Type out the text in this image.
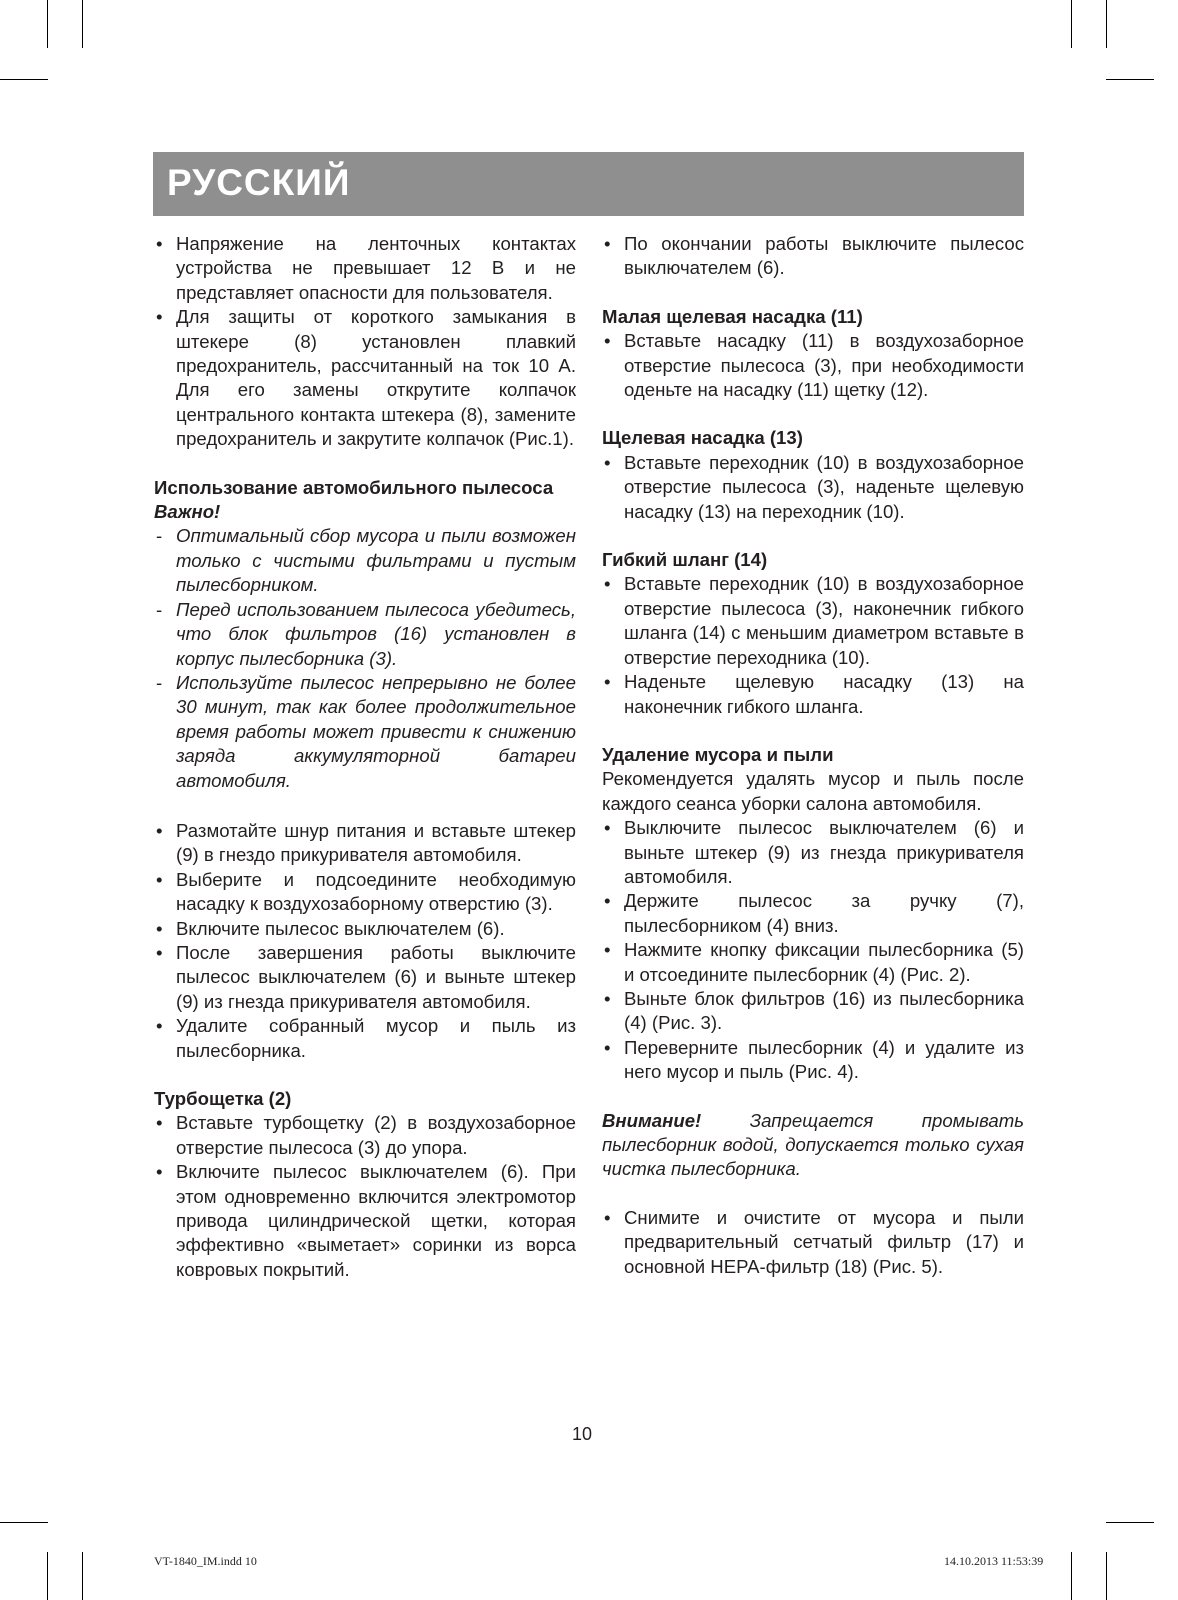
РУССКИЙ

• Напряжение на ленточных контактах устройства не превышает 12 В и не представляет опасности для пользователя.

• Для защиты от короткого замыкания в штекере (8) установлен плавкий предохранитель, рассчитанный на ток 10 А. Для его замены открутите колпачок центрального контакта штекера (8), замените предохранитель и закрутите колпачок (Рис.1).

Использование автомобильного пылесоса

Важно!

- Оптимальный сбор мусора и пыли возможен только с чистыми фильтрами и пустым пылесборником.

- Перед использованием пылесоса убедитесь, что блок фильтров (16) установлен в корпус пылесборника (3).

- Используйте пылесос непрерывно не более 30 минут, так как более продолжительное время работы может привести к снижению заряда аккумуляторной батареи автомобиля.

• Размотайте шнур питания и вставьте штекер (9) в гнездо прикуривателя автомобиля.

• Выберите и подсоедините необходимую насадку к воздухозаборному отверстию (3).

• Включите пылесос выключателем (6).

• После завершения работы выключите пылесос выключателем (6) и выньте штекер (9) из гнезда прикуривателя автомобиля.

• Удалите собранный мусор и пыль из пылесборника.

Турбощетка (2)

• Вставьте турбощетку (2) в воздухозаборное отверстие пылесоса (3) до упора.

• Включите пылесос выключателем (6). При этом одновременно включится электромотор привода цилиндрической щетки, которая эффективно «выметает» соринки из ворса ковровых покрытий.

• По окончании работы выключите пылесос выключателем (6).

Малая щелевая насадка (11)

• Вставьте насадку (11) в воздухозаборное отверстие пылесоса (3), при необходимости оденьте на насадку (11) щетку (12).

Щелевая насадка (13)

• Вставьте переходник (10) в воздухозаборное отверстие пылесоса (3), наденьте щелевую насадку (13) на переходник (10).

Гибкий шланг (14)

• Вставьте переходник (10) в воздухозаборное отверстие пылесоса (3), наконечник гибкого шланга (14) с меньшим диаметром вставьте в отверстие переходника (10).

• Наденьте щелевую насадку (13) на наконечник гибкого шланга.

Удаление мусора и пыли

Рекомендуется удалять мусор и пыль после каждого сеанса уборки салона автомобиля.

• Выключите пылесос выключателем (6) и выньте штекер (9) из гнезда прикуривателя автомобиля.

• Держите пылесос за ручку (7), пылесборником (4) вниз.

• Нажмите кнопку фиксации пылесборника (5) и отсоедините пылесборник (4) (Рис. 2).

• Выньте блок фильтров (16) из пылесборника (4) (Рис. 3).

• Переверните пылесборник (4) и удалите из него мусор и пыль (Рис. 4).

Внимание!	Запрещается промывать пылесборник водой, допускается только сухая чистка пылесборника.

• Снимите и очистите от мусора и пыли предварительный сетчатый фильтр (17) и основной HEPA-фильтр (18) (Рис. 5).

10
VT-1840_IM.indd 10	14.10.2013 11:53:39
